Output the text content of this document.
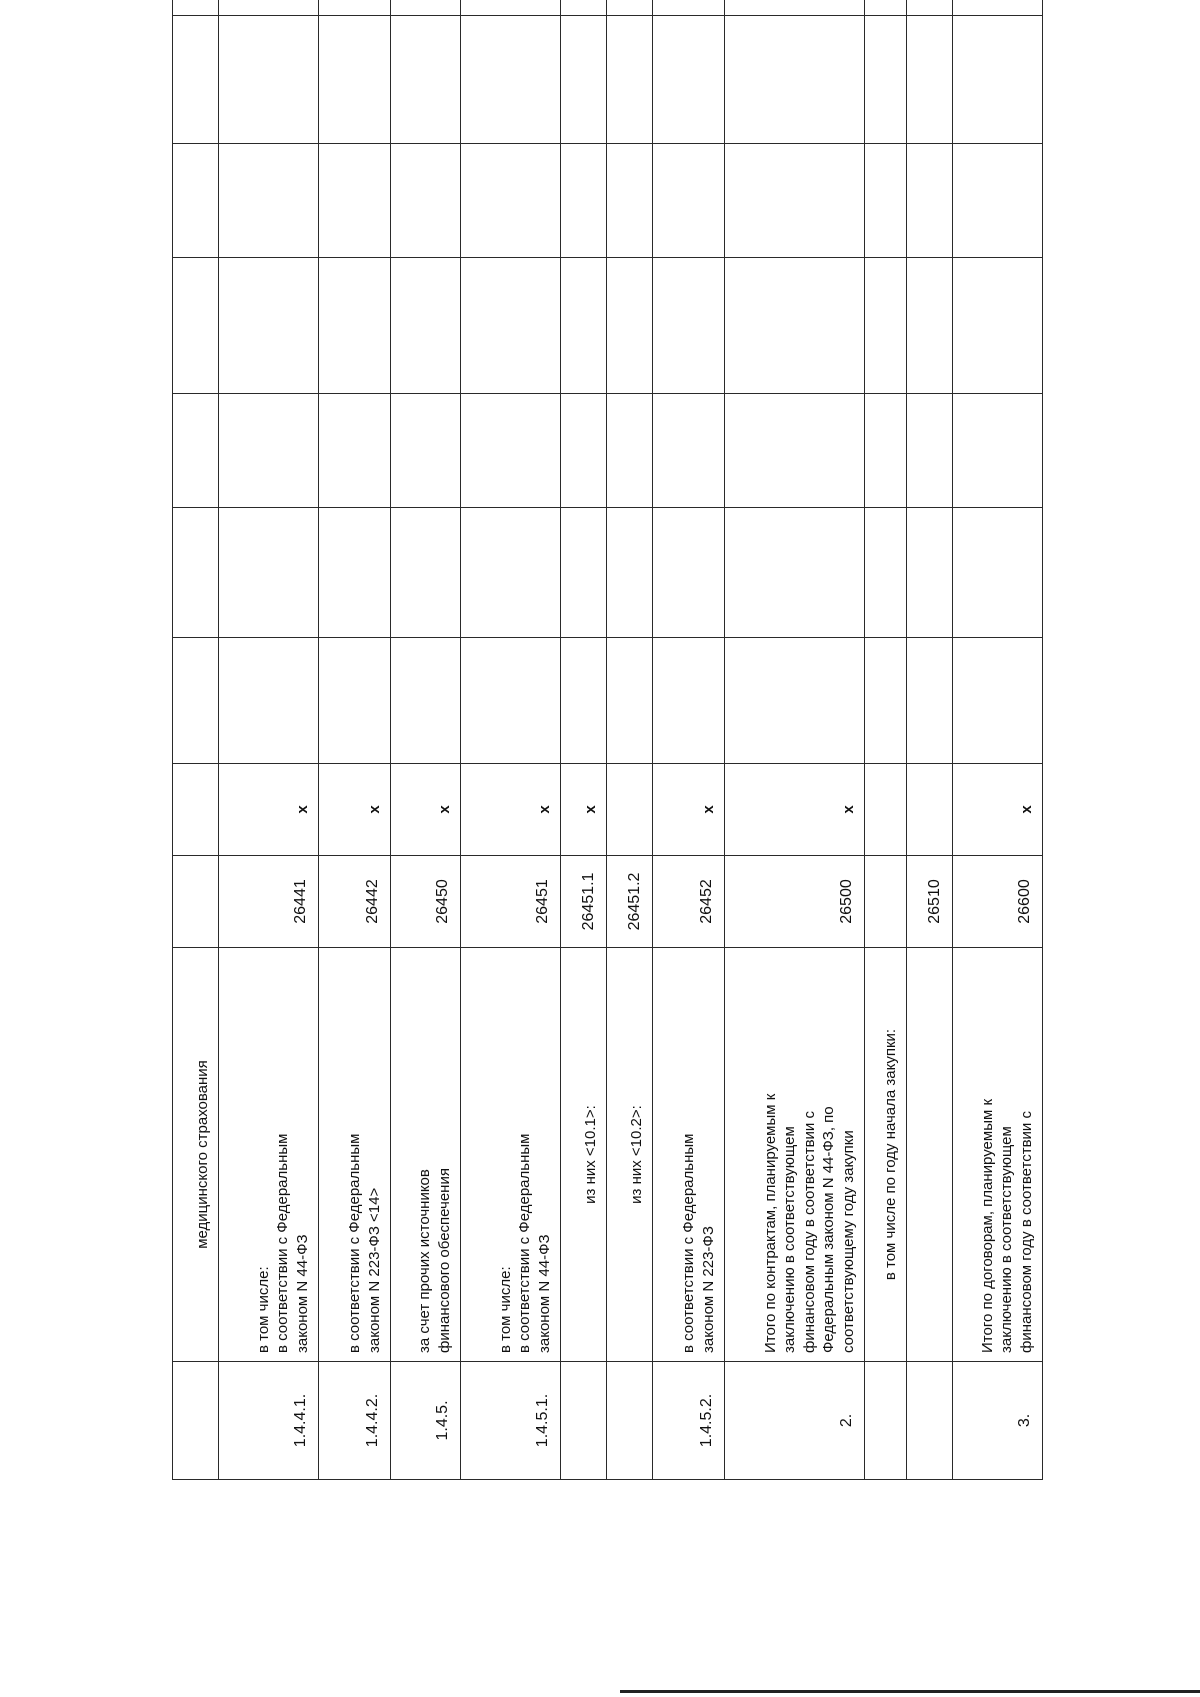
	медицинского страхования									

1.4.4.1.	в том числе:
в соответствии с Федеральным
законом N 44-ФЗ	26441	x							
1.4.4.2.	в соответствии с Федеральным
законом N 223-ФЗ <14>	26442	x							
1.4.5.	за счет прочих источников
финансового обеспечения	26450	x							
1.4.5.1.	в том числе:
в соответствии с Федеральным
законом N 44-ФЗ	26451	x							

	из них <10.1>:	26451.1	x							

	из них <10.2>:	26451.2								
1.4.5.2.	в соответствии с Федеральным
законом N 223-ФЗ	26452	x							
2.	Итого по контрактам, планируемым к
заключению в соответствующем
финансовом году в соответствии с
Федеральным законом N 44-ФЗ, по
соответствующему году закупки	26500	x							

	в том числе по году начала закупки:									

	26510								
3.	Итого по договорам, планируемым к
заключению в соответствующем
финансовом году в соответствии с	26600	x							
